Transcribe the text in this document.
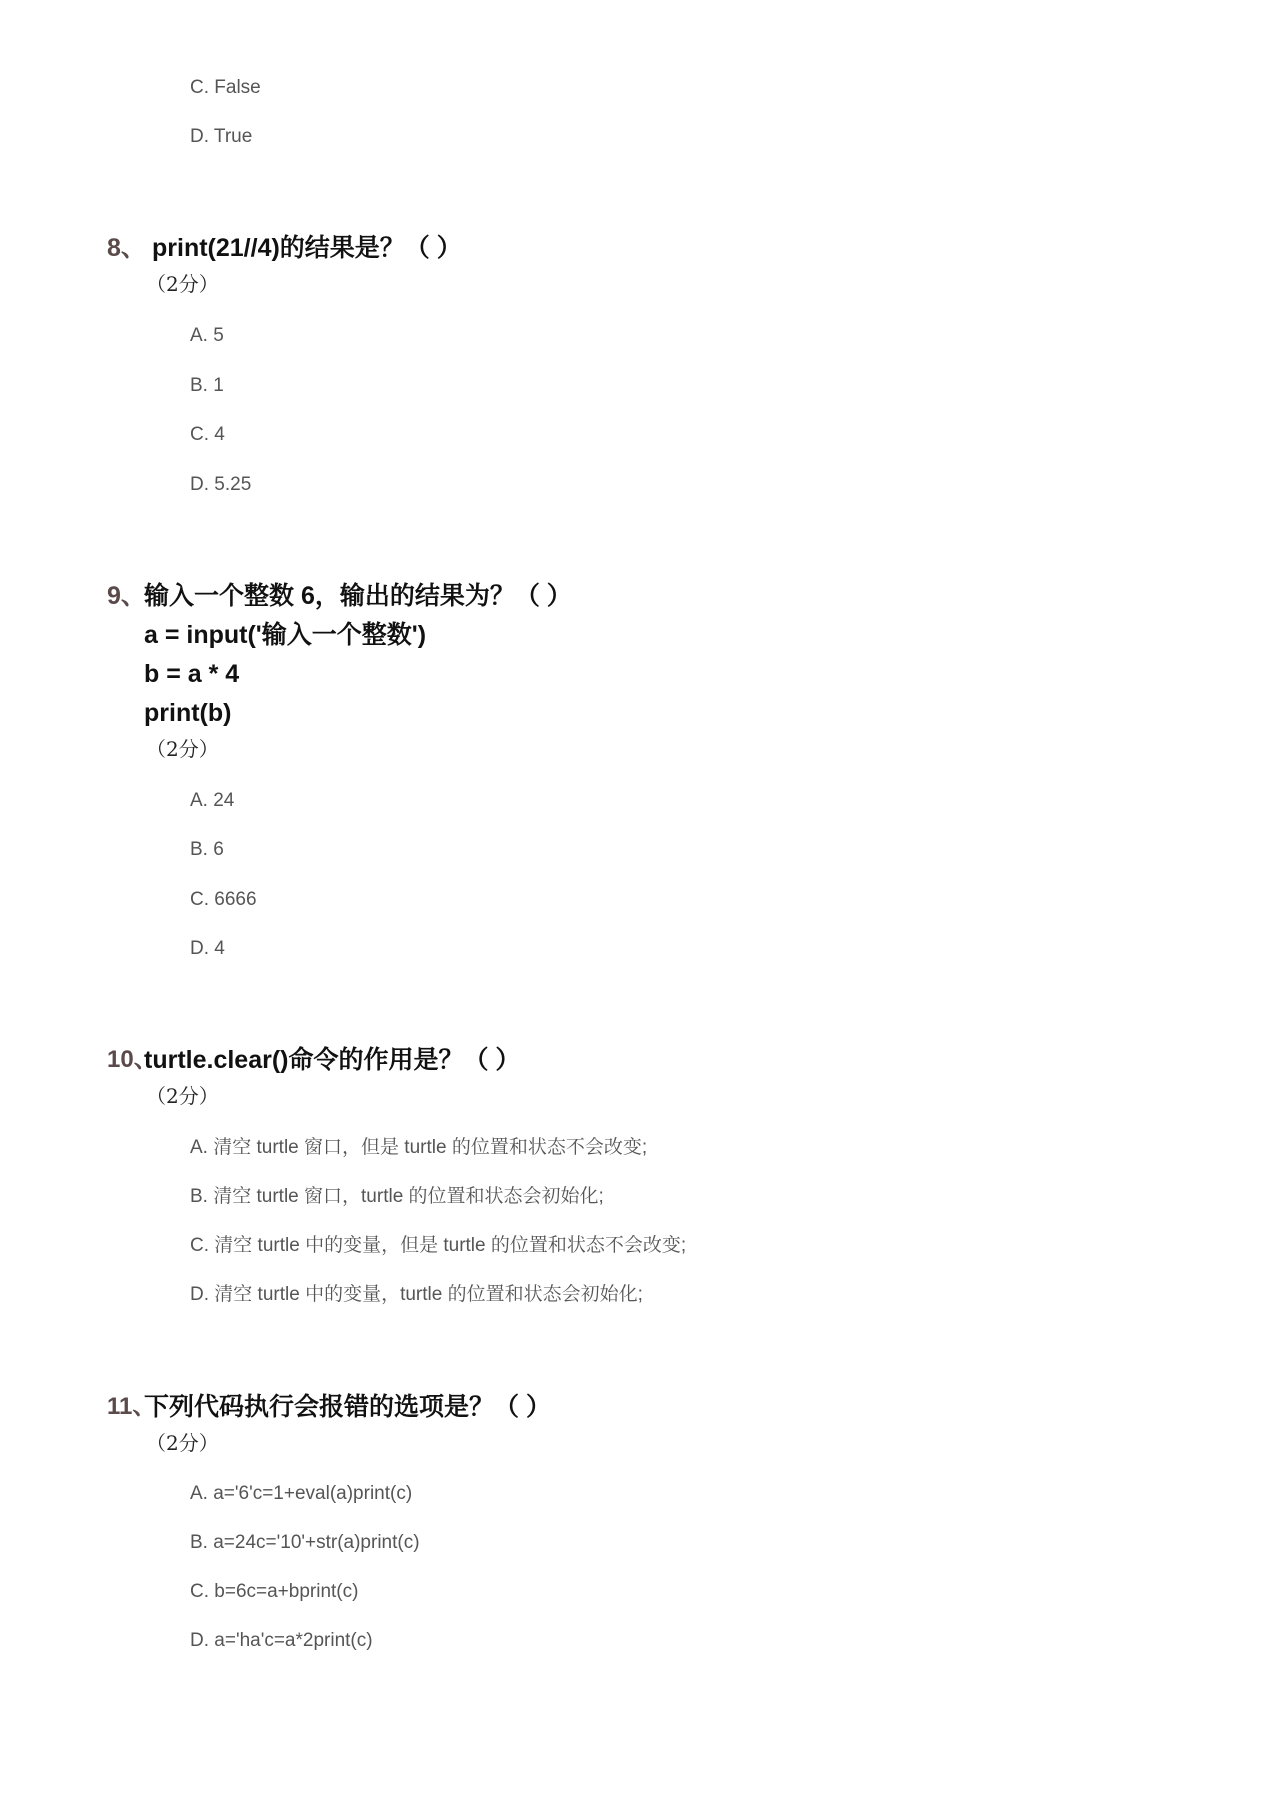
C. False
D. True
8、 print(21//4)的结果是？（ ）
（2分）
A. 5
B. 1
C. 4
D. 5.25
9、
输入一个整数 6，输出的结果为？（ ）
a = input('输入一个整数')
b = a * 4
print(b)
（2分）
A. 24
B. 6
C. 6666
D. 4
10、
turtle.clear()命令的作用是？（ ）
（2分）
A. 清空 turtle 窗口，但是 turtle 的位置和状态不会改变;
B. 清空 turtle 窗口，turtle 的位置和状态会初始化;
C. 清空 turtle 中的变量，但是 turtle 的位置和状态不会改变;
D. 清空 turtle 中的变量，turtle 的位置和状态会初始化;
11、
下列代码执行会报错的选项是？（ ）
（2分）
A. a='6'c=1+eval(a)print(c)
B. a=24c='10'+str(a)print(c)
C. b=6c=a+bprint(c)
D. a='ha'c=a*2print(c)
